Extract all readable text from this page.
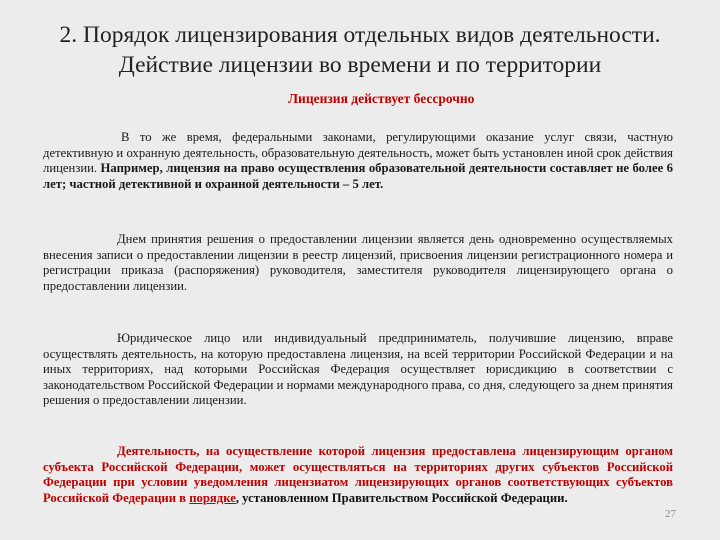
2. Порядок лицензирования отдельных видов деятельности.
Действие лицензии во времени и по территории

Лицензия действует бессрочно

В то же время, федеральными законами, регулирующими оказание услуг связи, частную детективную и охранную деятельность, образовательную деятельность, может быть установлен иной срок действия лицензии. Например, лицензия на право осуществления образовательной деятельности составляет не более 6 лет; частной детективной и охранной деятельности – 5 лет.

Днем принятия решения о предоставлении лицензии является день одновременно осуществляемых внесения записи о предоставлении лицензии в реестр лицензий, присвоения лицензии регистрационного номера и регистрации приказа (распоряжения) руководителя, заместителя руководителя лицензирующего органа о предоставлении лицензии.

Юридическое лицо или индивидуальный предприниматель, получившие лицензию, вправе осуществлять деятельность, на которую предоставлена лицензия, на всей территории Российской Федерации и на иных территориях, над которыми Российская Федерация осуществляет юрисдикцию в соответствии с законодательством Российской Федерации и нормами международного права, со дня, следующего за днем принятия решения о предоставлении лицензии.

Деятельность, на осуществление которой лицензия предоставлена лицензирующим органом субъекта Российской Федерации, может осуществляться на территориях других субъектов Российской Федерации при условии уведомления лицензиатом лицензирующих органов соответствующих субъектов Российской Федерации в порядке, установленном Правительством Российской Федерации.

27
